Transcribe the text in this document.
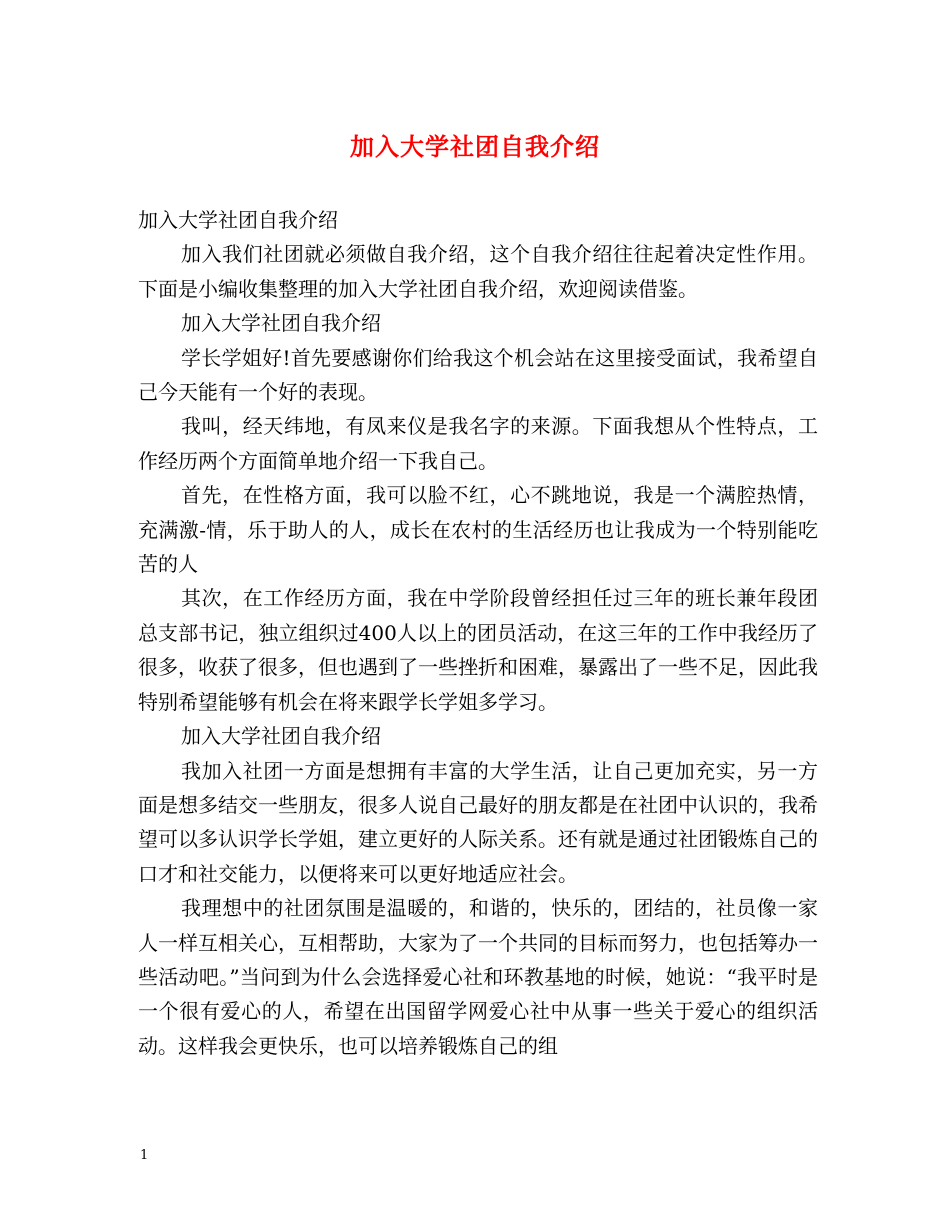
加入大学社团自我介绍

加入大学社团自我介绍

加入我们社团就必须做自我介绍，这个自我介绍往往起着决定性作用。下面是小编收集整理的加入大学社团自我介绍，欢迎阅读借鉴。

加入大学社团自我介绍

学长学姐好!首先要感谢你们给我这个机会站在这里接受面试，我希望自己今天能有一个好的表现。

我叫，经天纬地，有凤来仪是我名字的来源。下面我想从个性特点，工作经历两个方面简单地介绍一下我自己。

首先，在性格方面，我可以脸不红，心不跳地说，我是一个满腔热情，充满激-情，乐于助人的人，成长在农村的生活经历也让我成为一个特别能吃苦的人

其次，在工作经历方面，我在中学阶段曾经担任过三年的班长兼年段团总支部书记，独立组织过400人以上的团员活动，在这三年的工作中我经历了很多，收获了很多，但也遇到了一些挫折和困难，暴露出了一些不足，因此我特别希望能够有机会在将来跟学长学姐多学习。

加入大学社团自我介绍

我加入社团一方面是想拥有丰富的大学生活，让自己更加充实，另一方面是想多结交一些朋友，很多人说自己最好的朋友都是在社团中认识的，我希望可以多认识学长学姐，建立更好的人际关系。还有就是通过社团锻炼自己的口才和社交能力，以便将来可以更好地适应社会。

我理想中的社团氛围是温暖的，和谐的，快乐的，团结的，社员像一家人一样互相关心，互相帮助，大家为了一个共同的目标而努力，也包括筹办一些活动吧。”当问到为什么会选择爱心社和环教基地的时候，她说：“我平时是一个很有爱心的人，希望在出国留学网爱心社中从事一些关于爱心的组织活动。这样我会更快乐，也可以培养锻炼自己的组

1
